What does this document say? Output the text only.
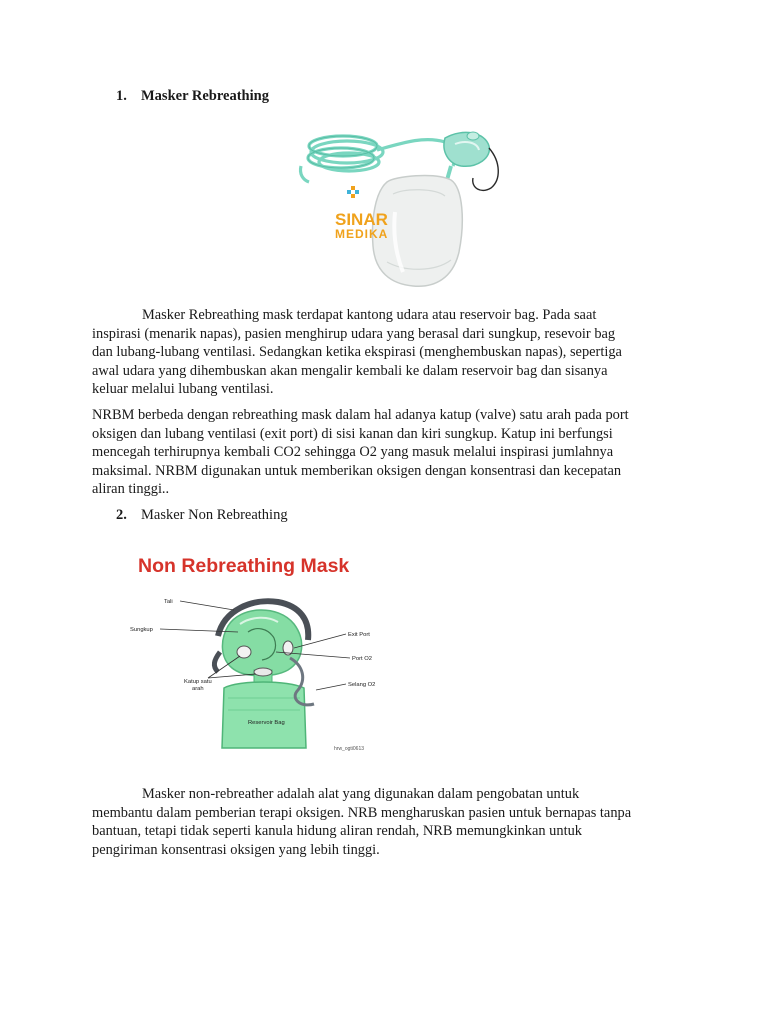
1. Masker Rebreathing
SINAR
MEDIKA
Masker Rebreathing mask terdapat kantong udara atau reservoir bag. Pada saat
inspirasi (menarik napas), pasien menghirup udara yang berasal dari sungkup, resevoir bag
dan lubang-lubang ventilasi. Sedangkan ketika ekspirasi (menghembuskan napas), sepertiga
awal udara yang dihembuskan akan mengalir kembali ke dalam reservoir bag dan sisanya
keluar melalui lubang ventilasi.
NRBM berbeda dengan rebreathing mask dalam hal adanya katup (valve) satu arah pada port
oksigen dan lubang ventilasi (exit port) di sisi kanan dan kiri sungkup. Katup ini berfungsi
mencegah terhirupnya kembali CO2 sehingga O2 yang masuk melalui inspirasi jumlahnya
maksimal. NRBM digunakan untuk memberikan oksigen dengan konsentrasi dan kecepatan
aliran tinggi..
2. Masker Non Rebreathing
Non Rebreathing Mask
Tali
Sungkup
Katup satu
arah
Exit Port
Port O2
Selang O2
Reservoir Bag
hrw_ogti0613
Masker non-rebreather adalah alat yang digunakan dalam pengobatan untuk
membantu dalam pemberian terapi oksigen. NRB mengharuskan pasien untuk bernapas tanpa
bantuan, tetapi tidak seperti kanula hidung aliran rendah, NRB memungkinkan untuk
pengiriman konsentrasi oksigen yang lebih tinggi.
